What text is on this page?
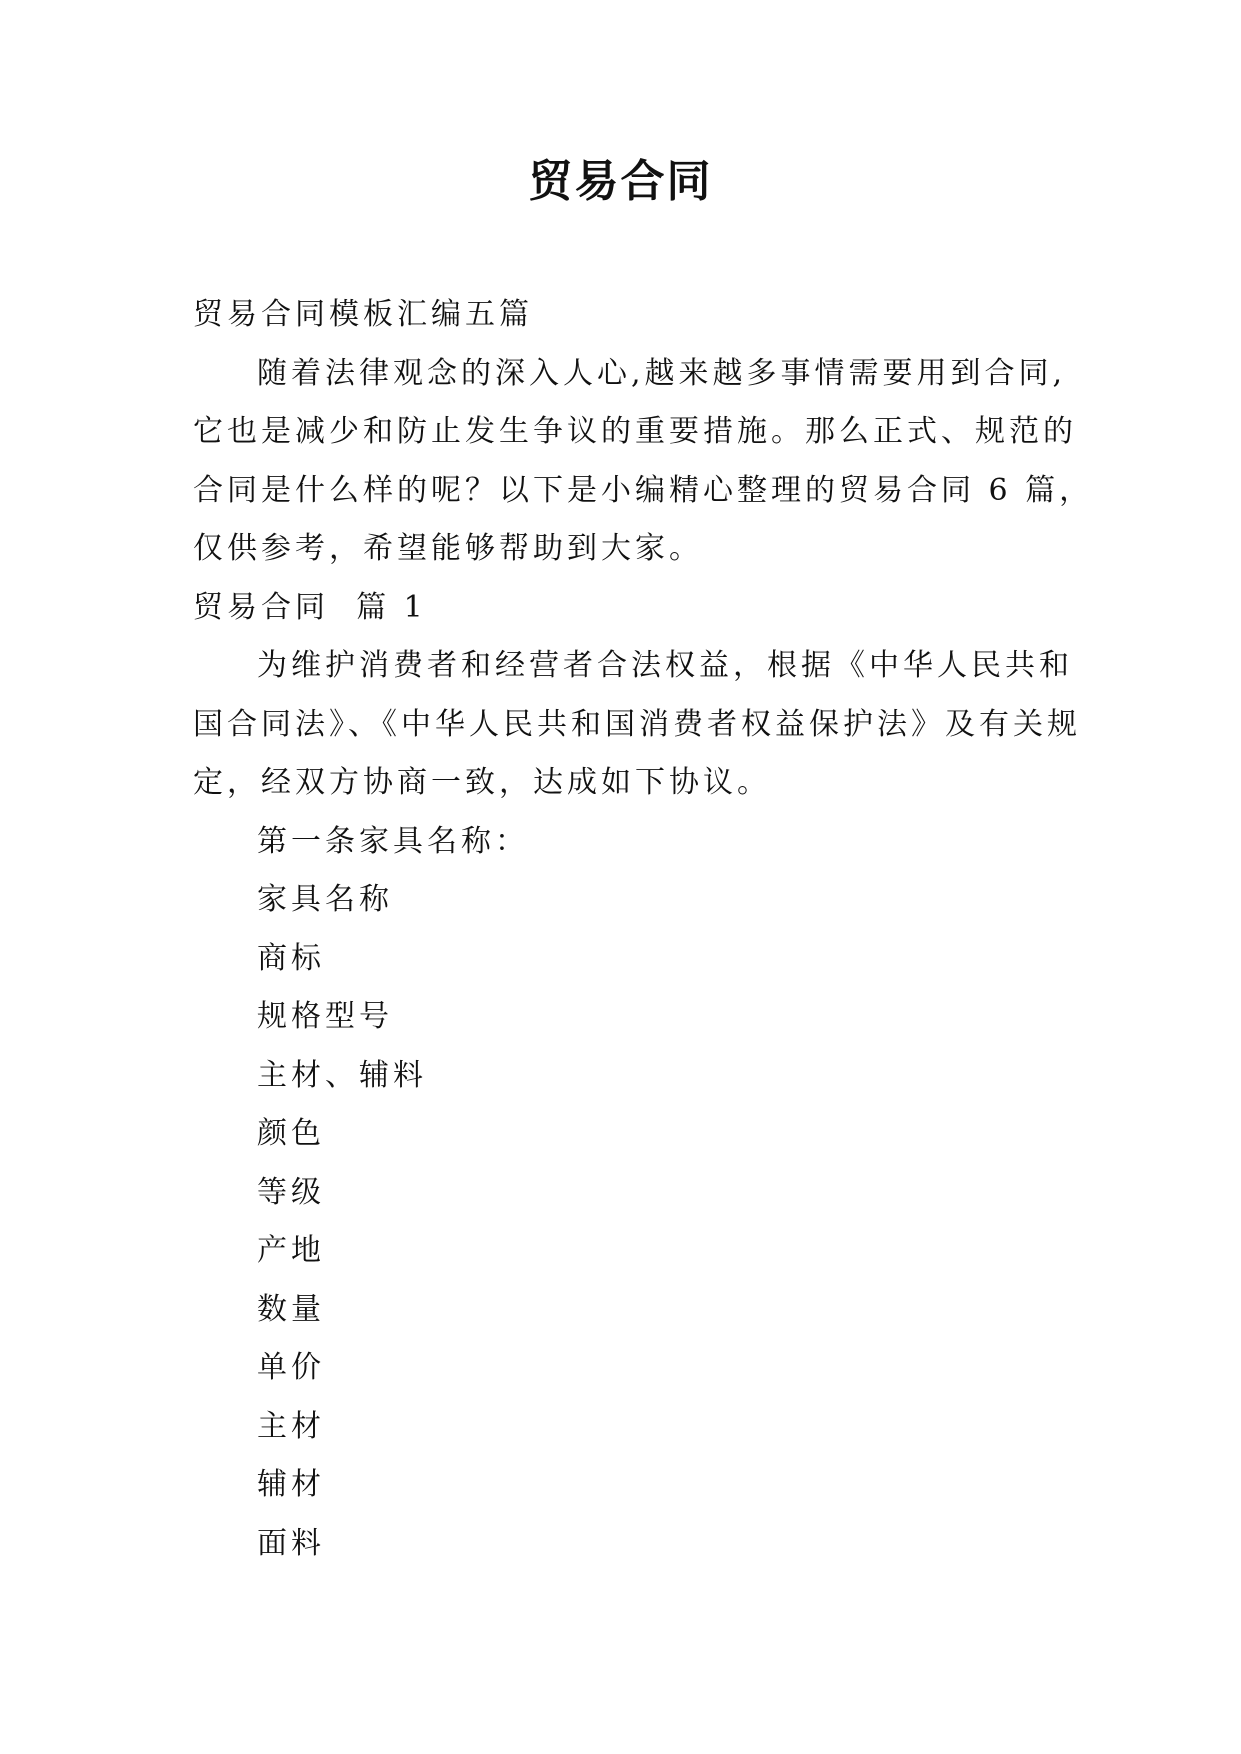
贸易合同
贸易合同模板汇编五篇
随着法律观念的深入人心,越来越多事情需要用到合同,
它也是减少和防止发生争议的重要措施。那么正式、规范的
合同是什么样的呢？以下是小编精心整理的贸易合同 6 篇，
仅供参考，希望能够帮助到大家。
贸易合同  篇 1
为维护消费者和经营者合法权益，根据《中华人民共和
国合同法》、《中华人民共和国消费者权益保护法》及有关规
定，经双方协商一致，达成如下协议。
第一条家具名称：
家具名称
商标
规格型号
主材、辅料
颜色
等级
产地
数量
单价
主材
辅材
面料
